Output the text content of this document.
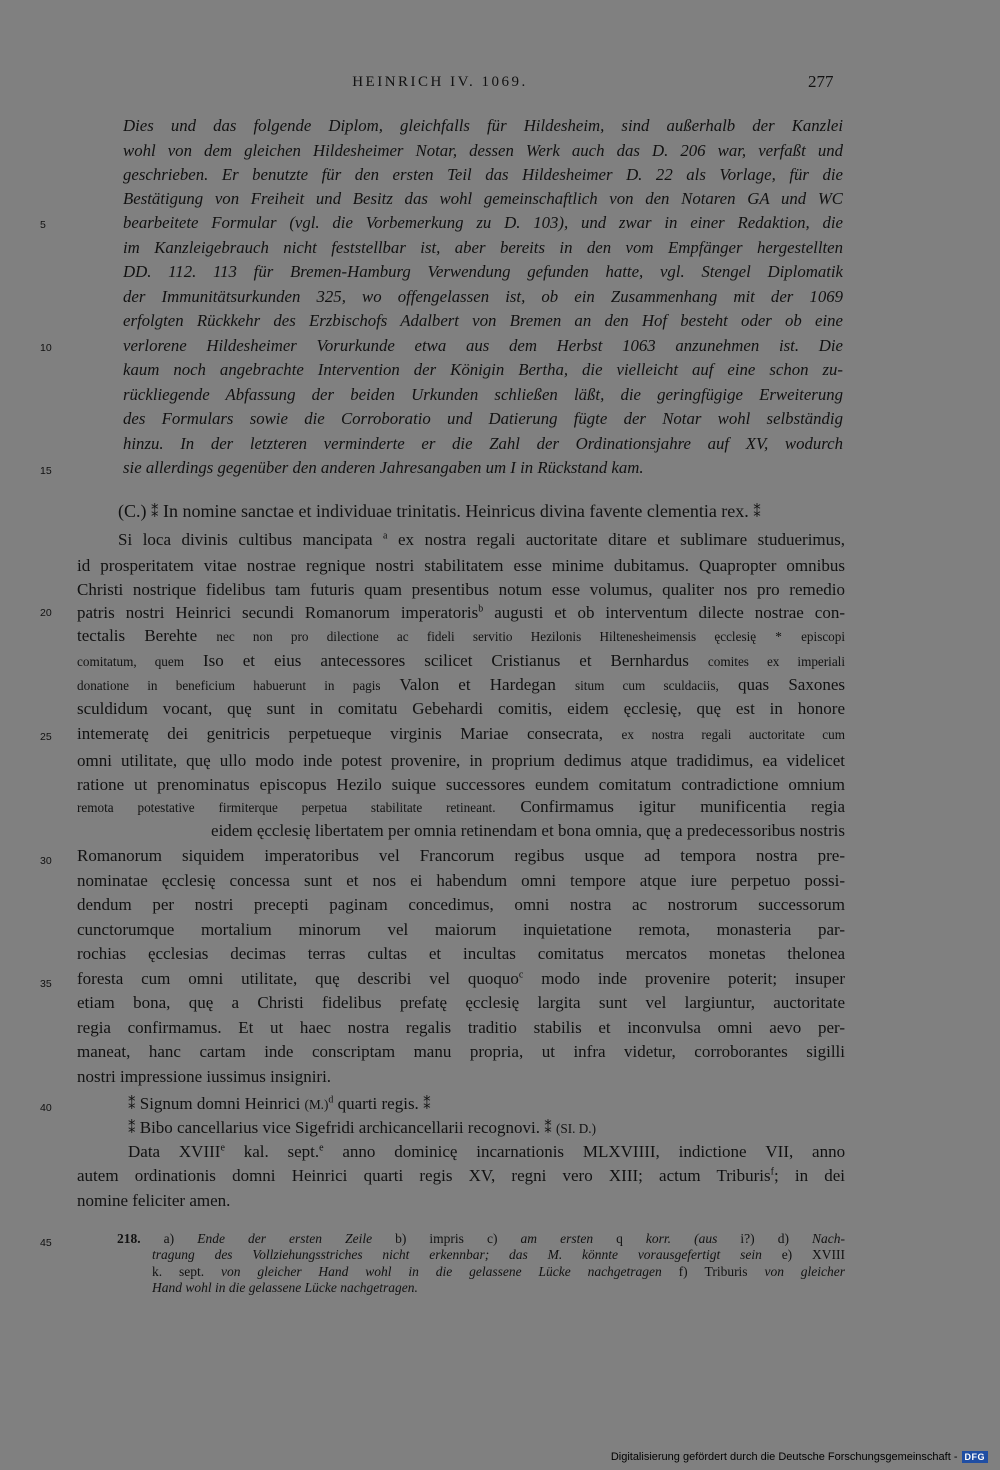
HEINRICH IV. 1069.	277
Dies und das folgende Diplom, gleichfalls für Hildesheim, sind außerhalb der Kanzlei
wohl von dem gleichen Hildesheimer Notar, dessen Werk auch das D. 206 war, verfaßt und
geschrieben. Er benutzte für den ersten Teil das Hildesheimer D. 22 als Vorlage, für die
Bestätigung von Freiheit und Besitz das wohl gemeinschaftlich von den Notaren GA und WC
bearbeitete Formular (vgl. die Vorbemerkung zu D. 103), und zwar in einer Redaktion, die
im Kanzleigebrauch nicht feststellbar ist, aber bereits in den vom Empfänger hergestellten
DD. 112. 113 für Bremen-Hamburg Verwendung gefunden hatte, vgl. Stengel Diplomatik
der Immunitätsurkunden 325, wo offengelassen ist, ob ein Zusammenhang mit der 1069
erfolgten Rückkehr des Erzbischofs Adalbert von Bremen an den Hof besteht oder ob eine
verlorene Hildesheimer Vorurkunde etwa aus dem Herbst 1063 anzunehmen ist. Die
kaum noch angebrachte Intervention der Königin Bertha, die vielleicht auf eine schon zu-
rückliegende Abfassung der beiden Urkunden schließen läßt, die geringfügige Erweiterung
des Formulars sowie die Corroboratio und Datierung fügte der Notar wohl selbständig
hinzu. In der letzteren verminderte er die Zahl der Ordinationsjahre auf XV, wodurch
sie allerdings gegenüber den anderen Jahresangaben um I in Rückstand kam.
5
10
15
20
25
30
35
40
45
(C.) ⁑ In nomine sanctae et individuae trinitatis. Heinricus divina favente clementia rex. ⁑
Si loca divinis cultibus mancipata $^a$ ex nostra regali auctoritate ditare et sublimare studuerimus,
id prosperitatem vitae nostrae regnique nostri stabilitatem esse minime dubitamus. Quapropter omnibus
Christi nostrique fidelibus tam futuris quam presentibus notum esse volumus, qualiter nos pro remedio
patris nostri Heinrici secundi Romanorum imperatoris$^b$ augusti et ob interventum dilecte nostrae con-
tectalis Berehte nec non pro dilectione ac fideli servitio Hezilonis Hiltenesheimensis ęcclesię * episcopi
comitatum, quem Iso et eius antecessores scilicet Cristianus et Bernhardus comites ex imperiali
donatione in beneficium habuerunt in pagis Valon et Hardegan situm cum sculdaciis, quas Saxones
sculdidum vocant, quę sunt in comitatu Gebehardi comitis, eidem ęcclesię, quę est in honore
intemeratę dei genitricis perpetueque virginis Mariae consecrata, ex nostra regali auctoritate cum
omni utilitate, quę ullo modo inde potest provenire, in proprium dedimus atque tradidimus, ea videlicet
ratione ut prenominatus episcopus Hezilo suique successores eundem comitatum contradictione omnium
remota potestative firmiterque perpetua stabilitate retineant. Confirmamus igitur munificentia regia
eidem ęcclesię libertatem per omnia retinendam et bona omnia, quę a predecessoribus nostris
Romanorum siquidem imperatoribus vel Francorum regibus usque ad tempora nostra pre-
nominatae ęcclesię concessa sunt et nos ei habendum omni tempore atque iure perpetuo possi-
dendum per nostri precepti paginam concedimus, omni nostra ac nostrorum successorum
cunctorumque mortalium minorum vel maiorum inquietatione remota, monasteria par-
rochias ęcclesias decimas terras cultas et incultas comitatus mercatos monetas thelonea
foresta cum omni utilitate, quę describi vel quoquo$^c$ modo inde provenire poterit; insuper
etiam bona, quę a Christi fidelibus prefatę ęcclesię largita sunt vel largiuntur, auctoritate
regia confirmamus. Et ut haec nostra regalis traditio stabilis et inconvulsa omni aevo per-
maneat, hanc cartam inde conscriptam manu propria, ut infra videtur, corroborantes sigilli
nostri impressione iussimus insigniri.
⁑ Signum domni Heinrici $(M.)^d$ quarti regis. ⁑
⁑ Bibo cancellarius vice Sigefridi archicancellarii recognovi. ⁑ (SI. D.)
Data XVIIIe kal. sept.$^e$ anno dominicę incarnationis MLXVIIII, indictione VII, anno
autem ordinationis domni Heinrici quarti regis XV, regni vero XIII; actum Triburis$^f$; in dei
nomine feliciter amen.
218. a) Ende der ersten Zeile b) impris c) am ersten q korr. (aus i?) d) Nach-
tragung des Vollziehungsstriches nicht erkennbar; das M. könnte vorausgefertigt sein e) XVIII
k. sept. von gleicher Hand wohl in die gelassene Lücke nachgetragen f) Triburis von gleicher
Hand wohl in die gelassene Lücke nachgetragen.
Digitalisierung gefördert durch die Deutsche Forschungsgemeinschaft - DFG
